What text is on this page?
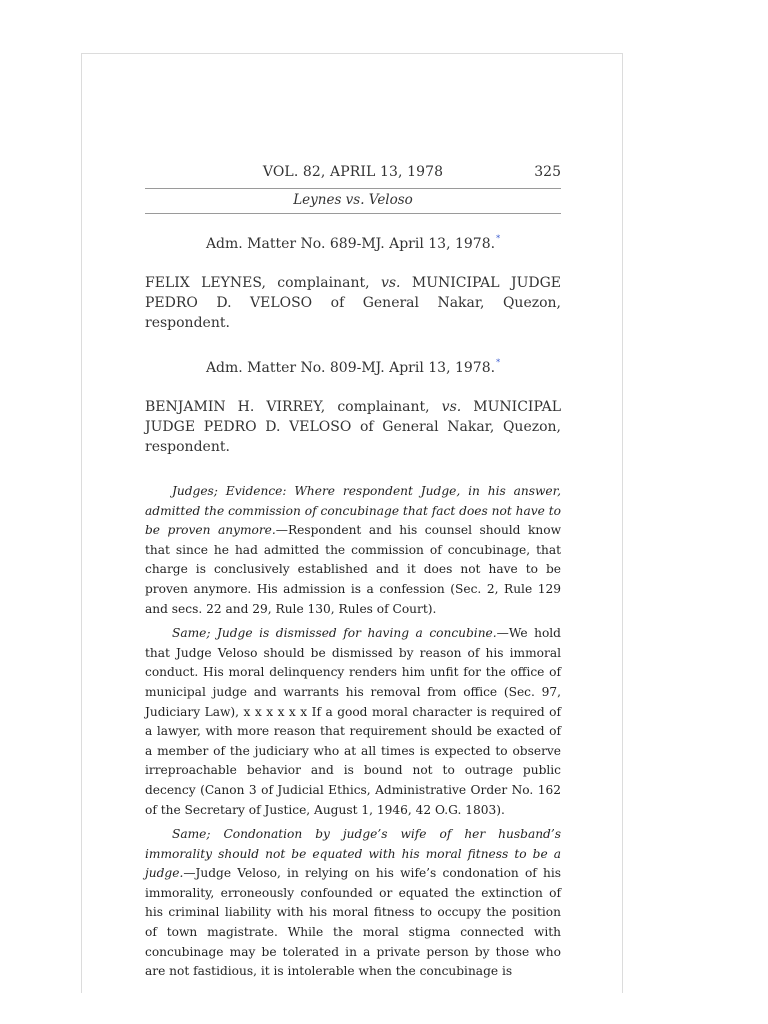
VOL. 82, APRIL 13, 1978	325
Leynes vs. Veloso
Adm. Matter No. 689-MJ. April 13, 1978.*
FELIX LEYNES, complainant, vs. MUNICIPAL JUDGE PEDRO D. VELOSO of General Nakar, Quezon, respondent.
Adm. Matter No. 809-MJ. April 13, 1978.*
BENJAMIN H. VIRREY, complainant, vs. MUNICIPAL JUDGE PEDRO D. VELOSO of General Nakar, Quezon, respondent.

Judges; Evidence: Where respondent Judge, in his answer, admitted the commission of concubinage that fact does not have to be proven anymore.—Respondent and his counsel should know that since he had admitted the commission of concubinage, that charge is conclusively established and it does not have to be proven anymore. His admission is a confession (Sec. 2, Rule 129 and secs. 22 and 29, Rule 130, Rules of Court).

Same; Judge is dismissed for having a concubine.—We hold that Judge Veloso should be dismissed by reason of his immoral conduct. His moral delinquency renders him unfit for the office of municipal judge and warrants his removal from office (Sec. 97, Judiciary Law), x x x x x x If a good moral character is required of a lawyer, with more reason that requirement should be exacted of a member of the judiciary who at all times is expected to observe irreproachable behavior and is bound not to outrage public decency (Canon 3 of Judicial Ethics, Administrative Order No. 162 of the Secretary of Justice, August 1, 1946, 42 O.G. 1803).

Same; Condonation by judge’s wife of her husband’s immorality should not be equated with his moral fitness to be a judge.—Judge Veloso, in relying on his wife’s condonation of his immorality, erroneously confounded or equated the extinction of his criminal liability with his moral fitness to occupy the position of town magistrate. While the moral stigma connected with concubinage may be tolerated in a private person by those who are not fastidious, it is intolerable when the concubinage is
